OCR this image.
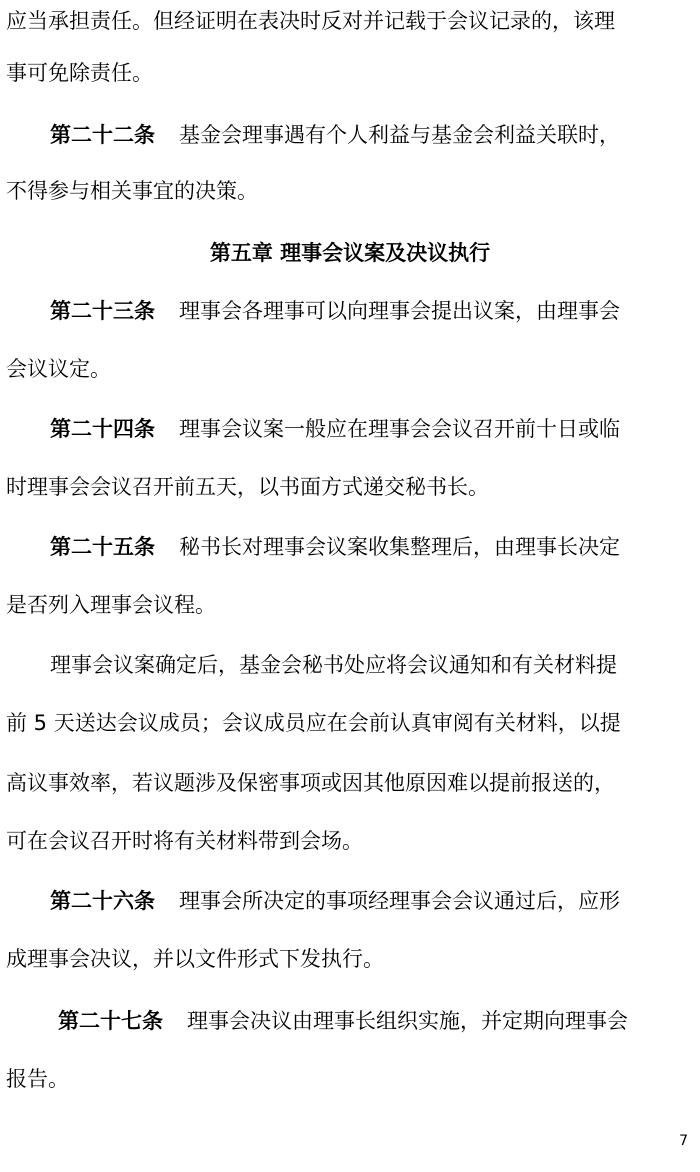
应当承担责任。但经证明在表决时反对并记载于会议记录的，该理
事可免除责任。
第二十二条 基金会理事遇有个人利益与基金会利益关联时，
不得参与相关事宜的决策。
第五章 理事会议案及决议执行
第二十三条 理事会各理事可以向理事会提出议案，由理事会
会议议定。
第二十四条 理事会议案一般应在理事会会议召开前十日或临
时理事会会议召开前五天，以书面方式递交秘书长。
第二十五条 秘书长对理事会议案收集整理后，由理事长决定
是否列入理事会议程。
理事会议案确定后，基金会秘书处应将会议通知和有关材料提
前 5 天送达会议成员；会议成员应在会前认真审阅有关材料，以提
高议事效率，若议题涉及保密事项或因其他原因难以提前报送的，
可在会议召开时将有关材料带到会场。
第二十六条 理事会所决定的事项经理事会会议通过后，应形
成理事会决议，并以文件形式下发执行。
第二十七条 理事会决议由理事长组织实施，并定期向理事会
报告。
7
